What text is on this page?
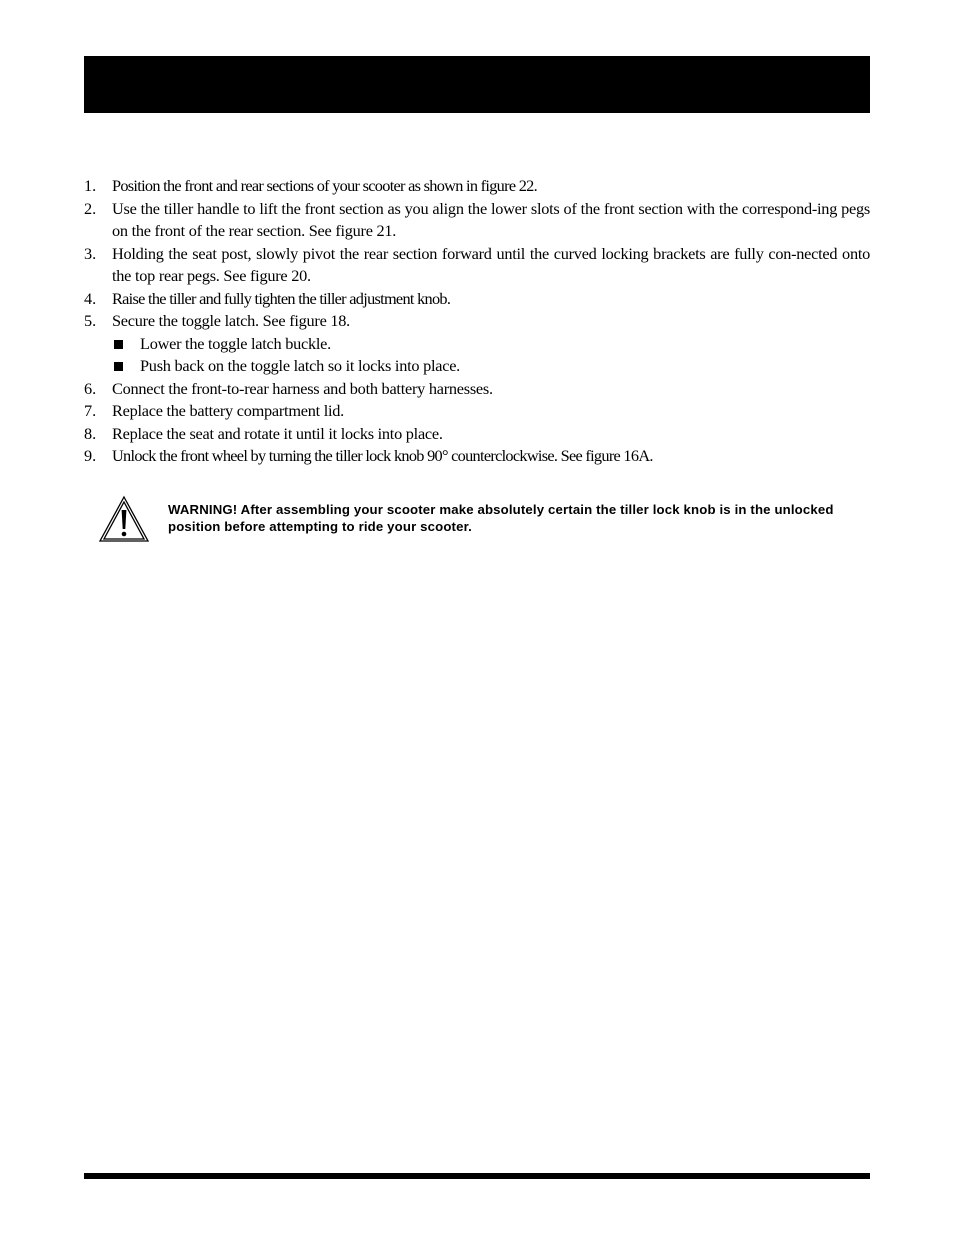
1. Position the front and rear sections of your scooter as shown in figure 22.
2. Use the tiller handle to lift the front section as you align the lower slots of the front section with the correspond-ing pegs on the front of the rear section. See figure 21.
3. Holding the seat post, slowly pivot the rear section forward until the curved locking brackets are fully con-nected onto the top rear pegs. See figure 20.
4. Raise the tiller and fully tighten the tiller adjustment knob.
5. Secure the toggle latch. See figure 18.
Lower the toggle latch buckle.
Push back on the toggle latch so it locks into place.
6. Connect the front-to-rear harness and both battery harnesses.
7. Replace the battery compartment lid.
8. Replace the seat and rotate it until it locks into place.
9. Unlock the front wheel by turning the tiller lock knob 90° counterclockwise. See figure 16A.
WARNING! After assembling your scooter make absolutely certain the tiller lock knob is in the unlocked position before attempting to ride your scooter.
